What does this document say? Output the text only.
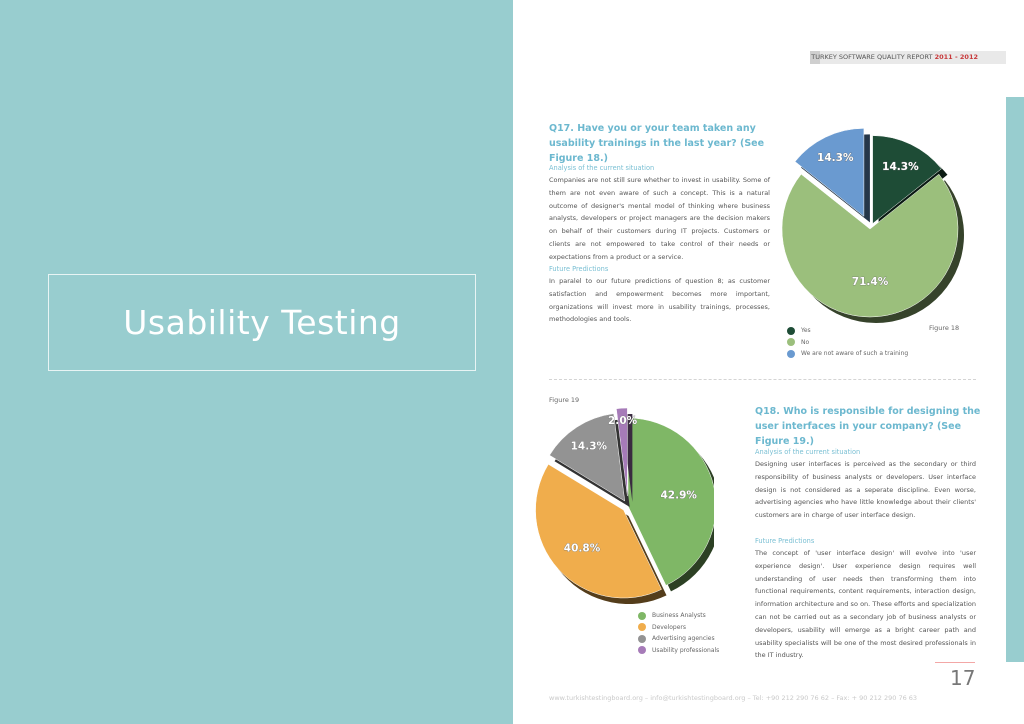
Usability Testing
TURKEY SOFTWARE QUALITY REPORT 2011 - 2012
Q17. Have you or your team taken any usability trainings in the last year? (See Figure 18.)
Analysis of the current situation
Companies are not still sure whether to invest in usability. Some of them are not even aware of such a concept. This is a natural outcome of designer's mental model of thinking where business analysts, developers or project managers are the decision makers on behalf of their customers during IT projects. Customers or clients are not empowered to take control of their needs or expectations from a product or a service.
Future Predictions
In paralel to our future predictions of question 8; as customer satisfaction and empowerment becomes more important, organizations will invest more in usability trainings, processes, methodologies and tools.
14.3%
71.4%
14.3%
Figure 18
Yes
No
We are not aware of such a training
Figure 19
42.9%
40.8%
14.3%
2.0%
Business Analysts
Developers
Advertising agencies
Usability professionals
Q18. Who is responsible for designing the user interfaces in your company? (See Figure 19.)
Analysis of the current situation
Designing user interfaces is perceived as the secondary or third responsibility of business analysts or developers. User interface design is not considered as a seperate discipline. Even worse, advertising agencies who have little knowledge about their clients' customers are in charge of user interface design.
Future Predictions
The concept of 'user interface design' will evolve into 'user experience design'. User experience design requires well understanding of user needs then transforming them into functional requirements, content requirements, interaction design, information architecture and so on. These efforts and specialization can not be carried out as a secondary job of business analysts or developers, usability will emerge as a bright career path and usability specialists will be one of the most desired professionals in the IT industry.
17
www.turkishtestingboard.org – info@turkishtestingboard.org – Tel: +90 212 290 76 62 – Fax: + 90 212 290 76 63
